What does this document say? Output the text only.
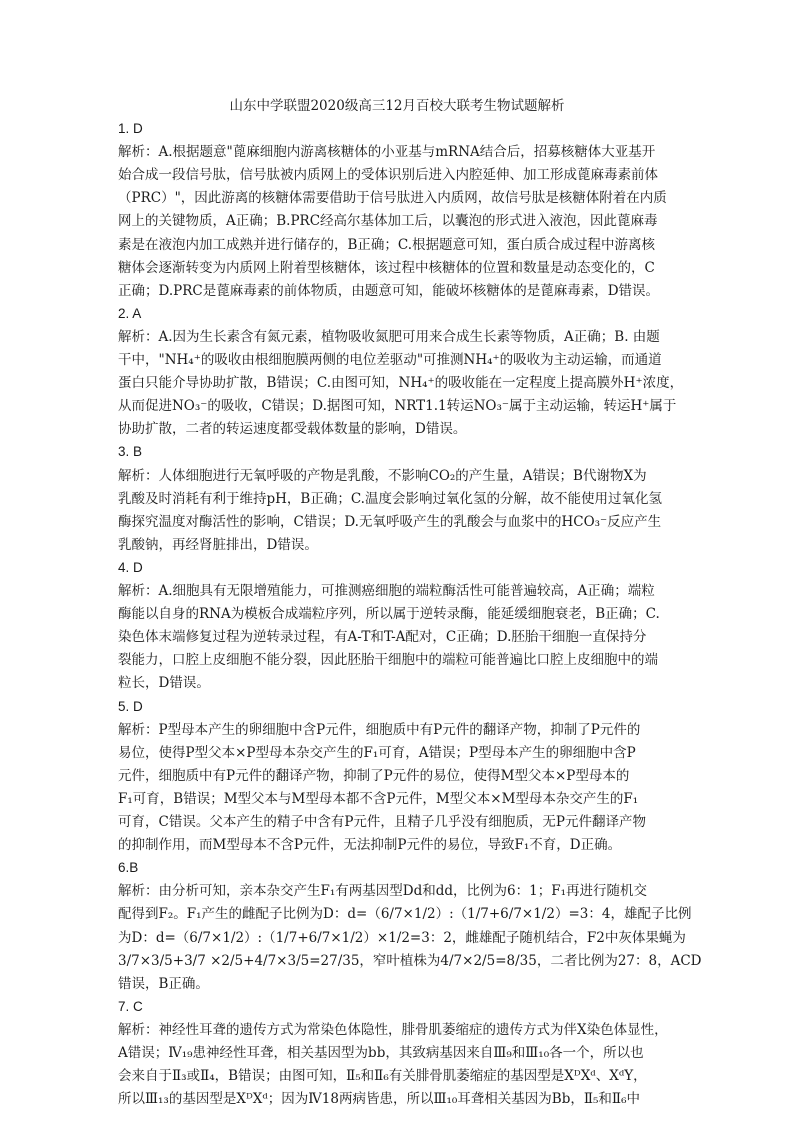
山东中学联盟2020级高三12月百校大联考生物试题解析
1. D
解析：A.根据题意"蓖麻细胞内游离核糖体的小亚基与mRNA结合后，招募核糖体大亚基开
始合成一段信号肽，信号肽被内质网上的受体识别后进入内腔延伸、加工形成蓖麻毒素前体
（PRC）"，因此游离的核糖体需要借助于信号肽进入内质网，故信号肽是核糖体附着在内质
网上的关键物质，A正确；B.PRC经高尔基体加工后，以囊泡的形式进入液泡，因此蓖麻毒
素是在液泡内加工成熟并进行储存的，B正确；C.根据题意可知，蛋白质合成过程中游离核
糖体会逐渐转变为内质网上附着型核糖体，该过程中核糖体的位置和数量是动态变化的，C
正确；D.PRC是蓖麻毒素的前体物质，由题意可知，能破坏核糖体的是蓖麻毒素，D错误。
2. A
解析：A.因为生长素含有氮元素，植物吸收氮肥可用来合成生长素等物质，A正确；B. 由题
干中，"NH₄⁺的吸收由根细胞膜两侧的电位差驱动"可推测NH₄⁺的吸收为主动运输，而通道
蛋白只能介导协助扩散，B错误；C.由图可知，NH₄⁺的吸收能在一定程度上提高膜外H⁺浓度，
从而促进NO₃⁻的吸收，C错误；D.据图可知，NRT1.1转运NO₃⁻属于主动运输，转运H⁺属于
协助扩散，二者的转运速度都受载体数量的影响，D错误。
3. B
解析：人体细胞进行无氧呼吸的产物是乳酸，不影响CO₂的产生量，A错误；B代谢物X为
乳酸及时消耗有利于维持pH，B正确；C.温度会影响过氧化氢的分解，故不能使用过氧化氢
酶探究温度对酶活性的影响，C错误；D.无氧呼吸产生的乳酸会与血浆中的HCO₃⁻反应产生
乳酸钠，再经肾脏排出，D错误。
4. D
解析：A.细胞具有无限增殖能力，可推测癌细胞的端粒酶活性可能普遍较高，A正确；端粒
酶能以自身的RNA为模板合成端粒序列，所以属于逆转录酶，能延缓细胞衰老，B正确；C.
染色体末端修复过程为逆转录过程，有A-T和T-A配对，C正确；D.胚胎干细胞一直保持分
裂能力，口腔上皮细胞不能分裂，因此胚胎干细胞中的端粒可能普遍比口腔上皮细胞中的端
粒长，D错误。
5. D
解析：P型母本产生的卵细胞中含P元件，细胞质中有P元件的翻译产物，抑制了P元件的
易位，使得P型父本×P型母本杂交产生的F₁可育，A错误；P型母本产生的卵细胞中含P
元件，细胞质中有P元件的翻译产物，抑制了P元件的易位，使得M型父本×P型母本的
F₁可育，B错误；M型父本与M型母本都不含P元件，M型父本×M型母本杂交产生的F₁
可育，C错误。父本产生的精子中含有P元件，且精子几乎没有细胞质，无P元件翻译产物
的抑制作用，而M型母本不含P元件，无法抑制P元件的易位，导致F₁不育，D正确。
6.B
解析：由分析可知，亲本杂交产生F₁有两基因型Dd和dd，比例为6：1；F₁再进行随机交
配得到F₂。F₁产生的雌配子比例为D：d=（6/7×1/2）:（1/7+6/7×1/2）=3：4，雄配子比例
为D：d=（6/7×1/2）:（1/7+6/7×1/2）×1/2=3：2，雌雄配子随机结合，F2中灰体果蝇为
3/7×3/5+3/7 ×2/5+4/7×3/5=27/35，窄叶植株为4/7×2/5=8/35，二者比例为27：8，ACD
错误，B正确。
7. C
解析：神经性耳聋的遗传方式为常染色体隐性，腓骨肌萎缩症的遗传方式为伴X染色体显性，
A错误；Ⅳ₁₉患神经性耳聋，相关基因型为bb，其致病基因来自Ⅲ₉和Ⅲ₁₀各一个，所以也
会来自于Ⅱ₃或Ⅱ₄，B错误；由图可知，Ⅱ₅和Ⅱ₆有关腓骨肌萎缩症的基因型是XᴰXᵈ、XᵈY，
所以Ⅲ₁₃的基因型是XᴰXᵈ；因为Ⅳ18两病皆患，所以Ⅲ₁₀耳聋相关基因为Bb，Ⅱ₅和Ⅱ₆中
